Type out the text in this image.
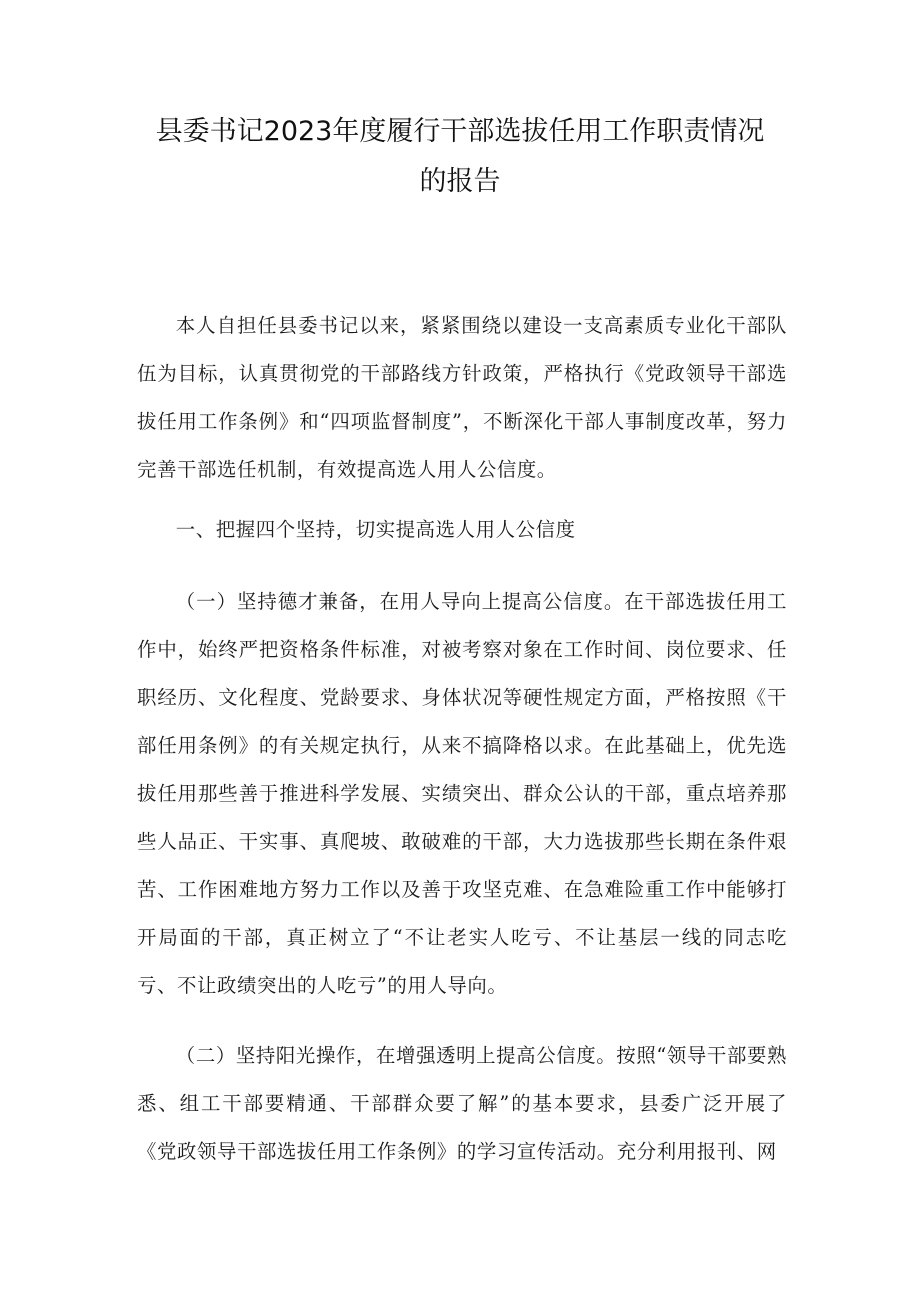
县委书记2023年度履行干部选拔任用工作职责情况
的报告

本人自担任县委书记以来，紧紧围绕以建设一支高素质专业化干部队伍为目标，认真贯彻党的干部路线方针政策，严格执行《党政领导干部选拔任用工作条例》和“四项监督制度”，不断深化干部人事制度改革，努力完善干部选任机制，有效提高选人用人公信度。

一、把握四个坚持，切实提高选人用人公信度

（一）坚持德才兼备，在用人导向上提高公信度。在干部选拔任用工作中，始终严把资格条件标准，对被考察对象在工作时间、岗位要求、任职经历、文化程度、党龄要求、身体状况等硬性规定方面，严格按照《干部任用条例》的有关规定执行，从来不搞降格以求。在此基础上，优先选拔任用那些善于推进科学发展、实绩突出、群众公认的干部，重点培养那些人品正、干实事、真爬坡、敢破难的干部，大力选拔那些长期在条件艰苦、工作困难地方努力工作以及善于攻坚克难、在急难险重工作中能够打开局面的干部，真正树立了“不让老实人吃亏、不让基层一线的同志吃亏、不让政绩突出的人吃亏”的用人导向。

（二）坚持阳光操作，在增强透明上提高公信度。按照“领导干部要熟悉、组工干部要精通、干部群众要了解”的基本要求，县委广泛开展了《党政领导干部选拔任用工作条例》的学习宣传活动。充分利用报刊、网
